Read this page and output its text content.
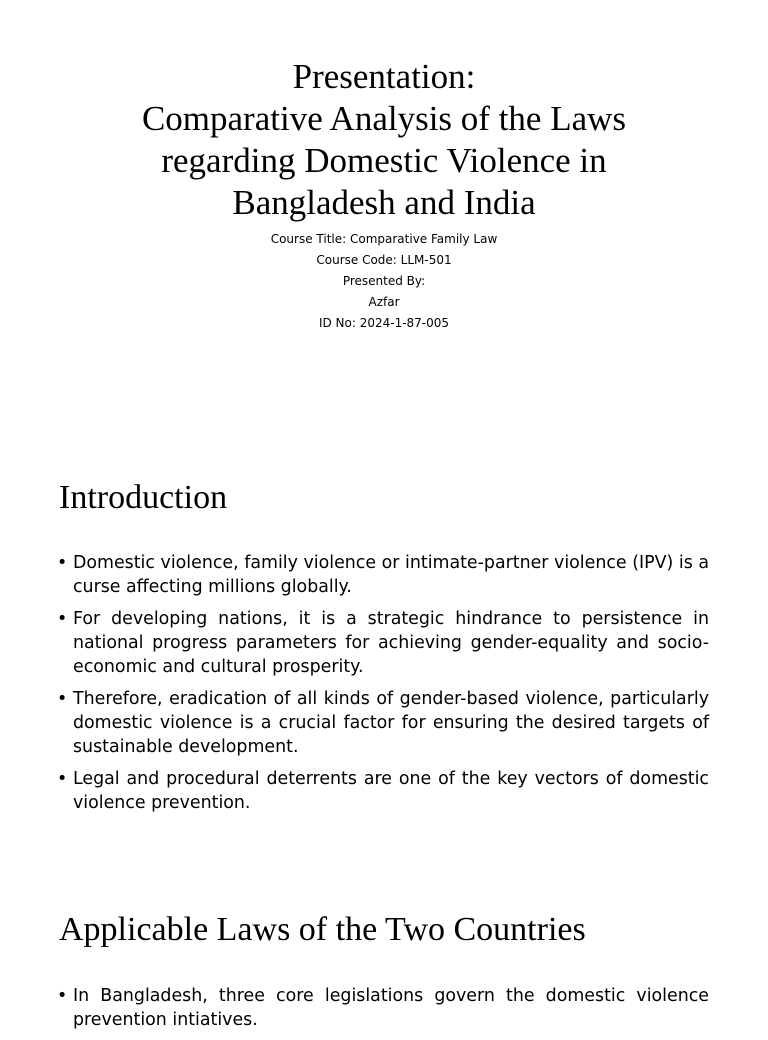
Presentation:
Comparative Analysis of the Laws
regarding Domestic Violence in
Bangladesh and India
Course Title: Comparative Family Law
Course Code: LLM-501
Presented By:
Azfar
ID No: 2024-1-87-005
Introduction
• Domestic violence, family violence or intimate-partner violence (IPV) is a curse affecting millions globally.
• For developing nations, it is a strategic hindrance to persistence in national progress parameters for achieving gender-equality and socio-economic and cultural prosperity.
• Therefore, eradication of all kinds of gender-based violence, particularly domestic violence is a crucial factor for ensuring the desired targets of sustainable development.
• Legal and procedural deterrents are one of the key vectors of domestic violence prevention.
Applicable Laws of the Two Countries
• In Bangladesh, three core legislations govern the domestic violence prevention intiatives.
